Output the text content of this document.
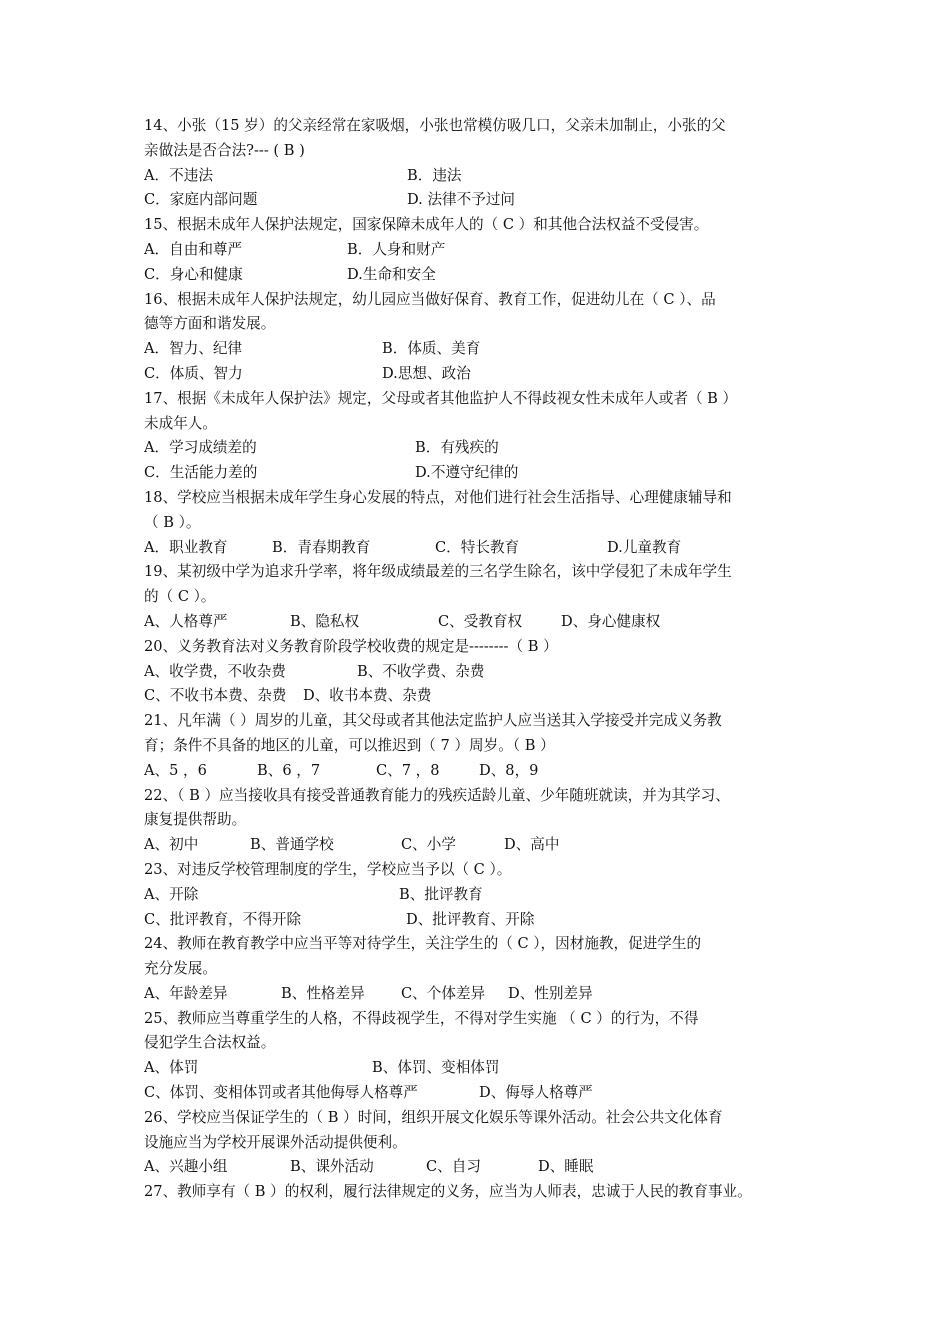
14、小张（15 岁）的父亲经常在家吸烟，小张也常模仿吸几口，父亲未加制止，小张的父
亲做法是否合法?--- ( B )
A．不违法	B．违法
C．家庭内部问题	D. 法律不予过问
15、根据未成年人保护法规定，国家保障未成年人的（ C ）和其他合法权益不受侵害。
A．自由和尊严	B．人身和财产
C．身心和健康	D.生命和安全
16、根据未成年人保护法规定，幼儿园应当做好保育、教育工作，促进幼儿在（ C ）、品
德等方面和谐发展。
A．智力、纪律	B．体质、美育
C．体质、智力	D.思想、政治
17、根据《未成年人保护法》规定，父母或者其他监护人不得歧视女性未成年人或者（ B ）
未成年人。
A．学习成绩差的	B．有残疾的
C．生活能力差的	D.不遵守纪律的
18、学校应当根据未成年学生身心发展的特点，对他们进行社会生活指导、心理健康辅导和
（ B ）。
A．职业教育	B．青春期教育	C．特长教育	D.儿童教育
19、某初级中学为追求升学率，将年级成绩最差的三名学生除名，该中学侵犯了未成年学生
的（ C ）。
A、人格尊严	B、隐私权	C、受教育权	D、身心健康权
20、义务教育法对义务教育阶段学校收费的规定是--------（ B ）
A、收学费，不收杂费	B、不收学费、杂费
C、不收书本费、杂费 D、收书本费、杂费
21、凡年满（ ）周岁的儿童，其父母或者其他法定监护人应当送其入学接受并完成义务教
育；条件不具备的地区的儿童，可以推迟到（ 7 ）周岁。（ B ）
A、5 ，6	B、6 ，7	C、7 ，8	D、8，9
22、（ B ）应当接收具有接受普通教育能力的残疾适龄儿童、少年随班就读，并为其学习、
康复提供帮助。
A、初中	B、普通学校	C、小学	D、高中
23、对违反学校管理制度的学生，学校应当予以（ C ）。
A、开除	B、批评教育
C、批评教育，不得开除	D、批评教育、开除
24、教师在教育教学中应当平等对待学生，关注学生的（ C ），因材施教，促进学生的
充分发展。
A、年龄差异	B、性格差异 C、个体差异 D、性别差异
25、教师应当尊重学生的人格，不得歧视学生，不得对学生实施 （ C ）的行为，不得
侵犯学生合法权益。
A、体罚	B、体罚、变相体罚
C、体罚、变相体罚或者其他侮辱人格尊严	D、侮辱人格尊严
26、学校应当保证学生的（ B ）时间，组织开展文化娱乐等课外活动。社会公共文化体育
设施应当为学校开展课外活动提供便利。
A、兴趣小组	B、课外活动	C、自习	D、睡眠
27、教师享有（ B ）的权利，履行法律规定的义务，应当为人师表，忠诚于人民的教育事业。
